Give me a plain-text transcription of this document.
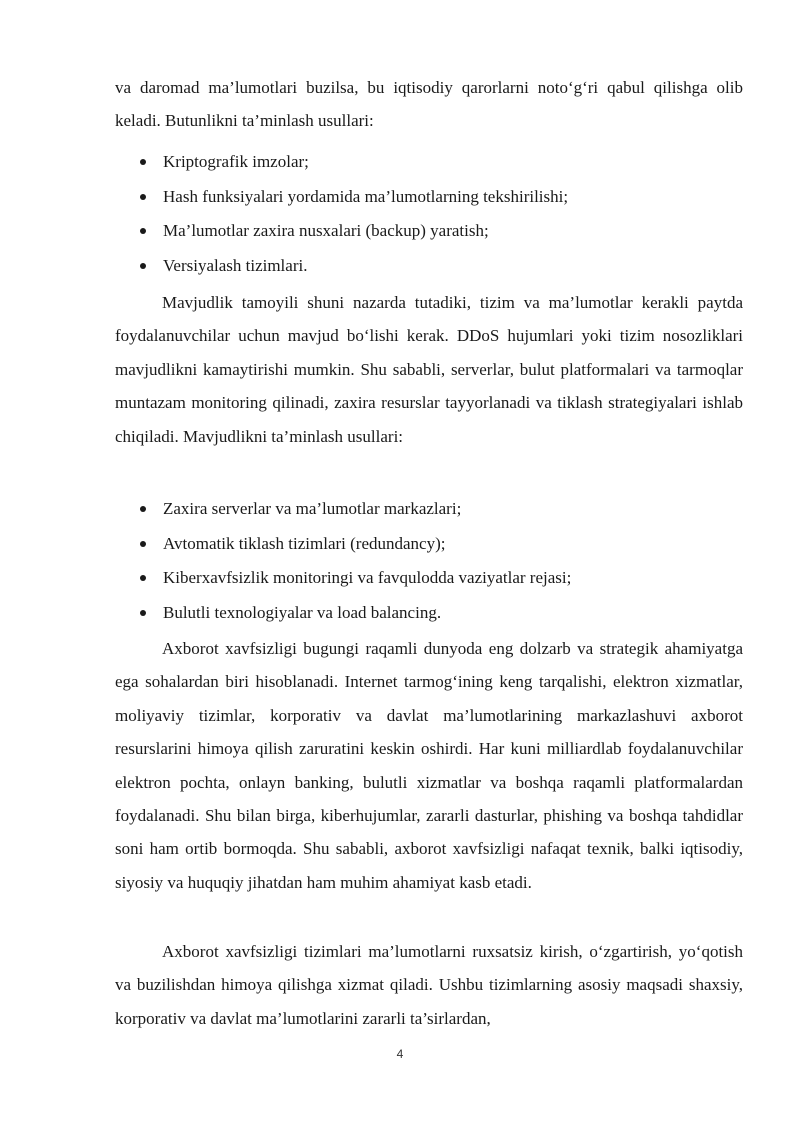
va daromad ma’lumotlari buzilsa, bu iqtisodiy qarorlarni noto‘g‘ri qabul qilishga olib keladi. Butunlikni ta’minlash usullari:

Kriptografik imzolar;
Hash funksiyalari yordamida ma’lumotlarning tekshirilishi;
Ma’lumotlar zaxira nusxalari (backup) yaratish;
Versiyalash tizimlari.

Mavjudlik tamoyili shuni nazarda tutadiki, tizim va ma’lumotlar kerakli paytda foydalanuvchilar uchun mavjud bo‘lishi kerak. DDoS hujumlari yoki tizim nosozliklari mavjudlikni kamaytirishi mumkin. Shu sababli, serverlar, bulut platformalari va tarmoqlar muntazam monitoring qilinadi, zaxira resurslar tayyorlanadi va tiklash strategiyalari ishlab chiqiladi. Mavjudlikni ta’minlash usullari:

Zaxira serverlar va ma’lumotlar markazlari;
Avtomatik tiklash tizimlari (redundancy);
Kiberxavfsizlik monitoringi va favqulodda vaziyatlar rejasi;
Bulutli texnologiyalar va load balancing.

Axborot xavfsizligi bugungi raqamli dunyoda eng dolzarb va strategik ahamiyatga ega sohalardan biri hisoblanadi. Internet tarmog‘ining keng tarqalishi, elektron xizmatlar, moliyaviy tizimlar, korporativ va davlat ma’lumotlarining markazlashuvi axborot resurslarini himoya qilish zaruratini keskin oshirdi. Har kuni milliardlab foydalanuvchilar elektron pochta, onlayn banking, bulutli xizmatlar va boshqa raqamli platformalardan foydalanadi. Shu bilan birga, kiberhujumlar, zararli dasturlar, phishing va boshqa tahdidlar soni ham ortib bormoqda. Shu sababli, axborot xavfsizligi nafaqat texnik, balki iqtisodiy, siyosiy va huquqiy jihatdan ham muhim ahamiyat kasb etadi.

Axborot xavfsizligi tizimlari ma’lumotlarni ruxsatsiz kirish, o‘zgartirish, yo‘qotish va buzilishdan himoya qilishga xizmat qiladi. Ushbu tizimlarning asosiy maqsadi shaxsiy, korporativ va davlat ma’lumotlarini zararli ta’sirlardan,

4
